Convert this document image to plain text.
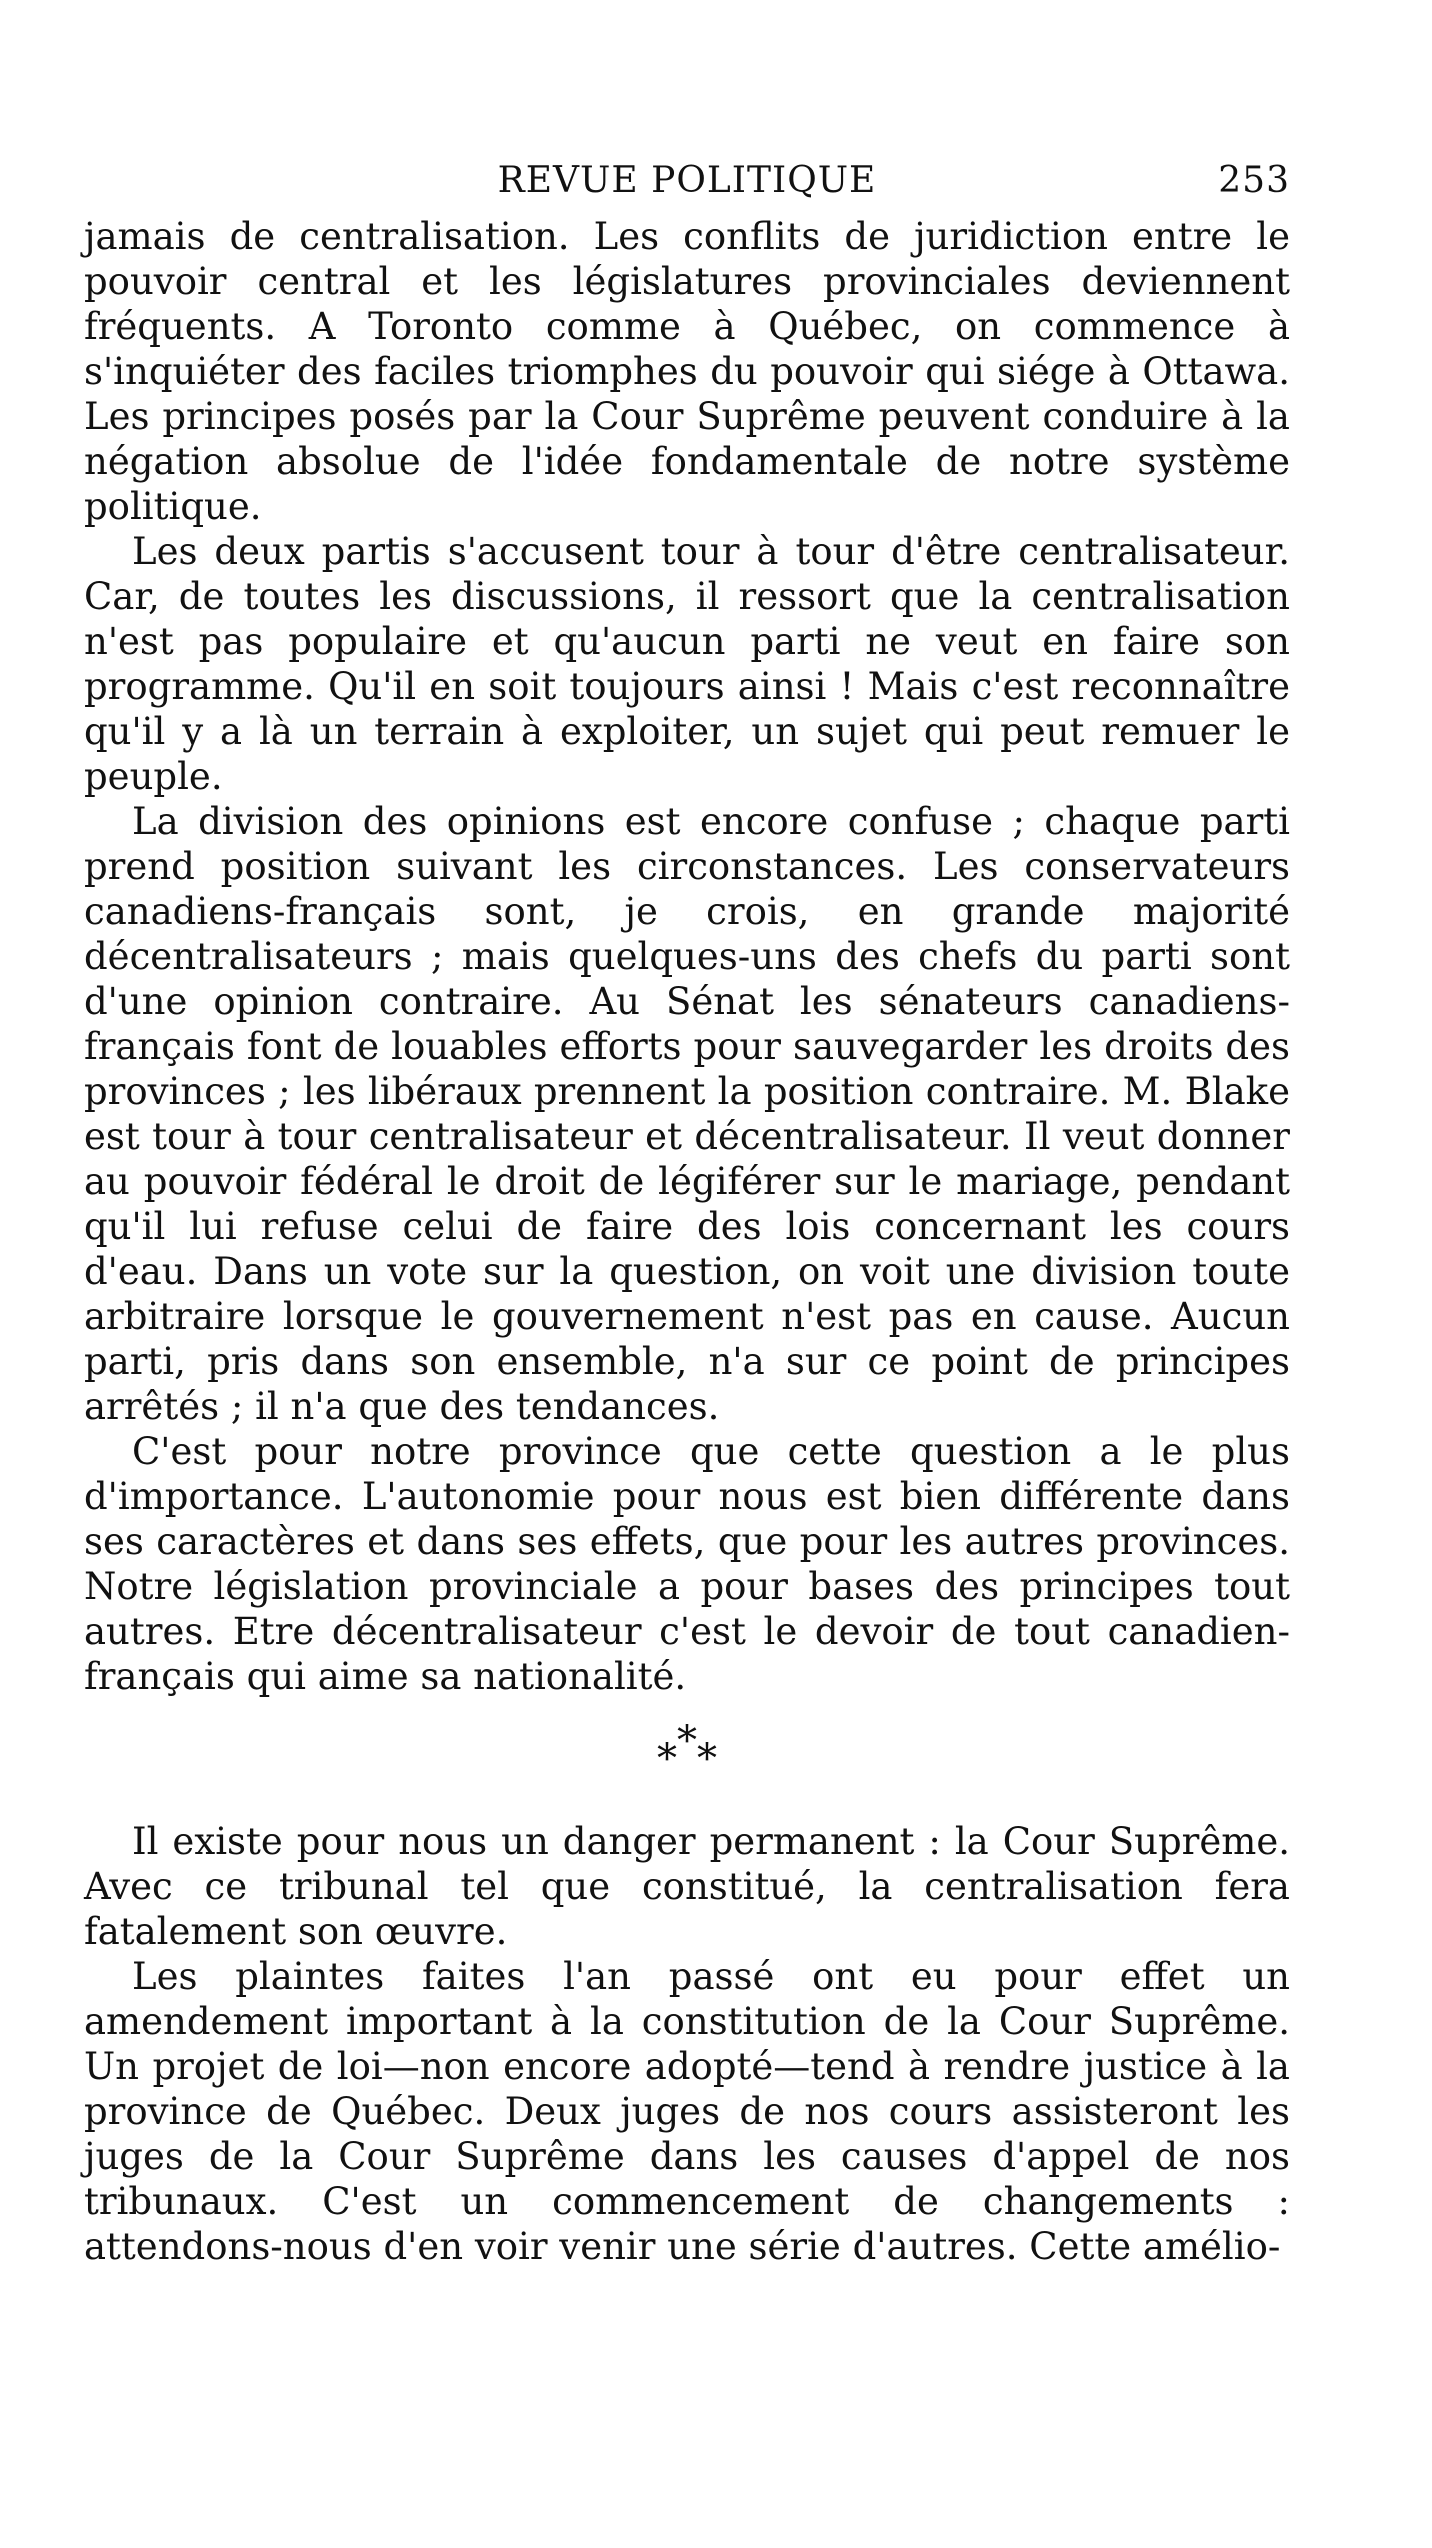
REVUE POLITIQUE	253

jamais de centralisation. Les conflits de juridiction entre le pouvoir central et les législatures provinciales deviennent fréquents. A Toronto comme à Québec, on commence à s'inquiéter des faciles triomphes du pouvoir qui siége à Ottawa. Les principes posés par la Cour Suprême peuvent conduire à la négation absolue de l'idée fondamentale de notre système politique.

Les deux partis s'accusent tour à tour d'être centralisateur. Car, de toutes les discussions, il ressort que la centralisation n'est pas populaire et qu'aucun parti ne veut en faire son programme. Qu'il en soit toujours ainsi ! Mais c'est reconnaître qu'il y a là un terrain à exploiter, un sujet qui peut remuer le peuple.

La division des opinions est encore confuse ; chaque parti prend position suivant les circonstances. Les conservateurs canadiens-français sont, je crois, en grande majorité décentralisateurs ; mais quelques-uns des chefs du parti sont d'une opinion contraire. Au Sénat les sénateurs canadiens-français font de louables efforts pour sauvegarder les droits des provinces ; les libéraux prennent la position contraire. M. Blake est tour à tour centralisateur et décentralisateur. Il veut donner au pouvoir fédéral le droit de légiférer sur le mariage, pendant qu'il lui refuse celui de faire des lois concernant les cours d'eau. Dans un vote sur la question, on voit une division toute arbitraire lorsque le gouvernement n'est pas en cause. Aucun parti, pris dans son ensemble, n'a sur ce point de principes arrêtés ; il n'a que des tendances.

C'est pour notre province que cette question a le plus d'importance. L'autonomie pour nous est bien différente dans ses caractères et dans ses effets, que pour les autres provinces. Notre législation provinciale a pour bases des principes tout autres. Etre décentralisateur c'est le devoir de tout canadien-français qui aime sa nationalité.

***

Il existe pour nous un danger permanent : la Cour Suprême. Avec ce tribunal tel que constitué, la centralisation fera fatalement son œuvre.

Les plaintes faites l'an passé ont eu pour effet un amendement important à la constitution de la Cour Suprême. Un projet de loi—non encore adopté—tend à rendre justice à la province de Québec. Deux juges de nos cours assisteront les juges de la Cour Suprême dans les causes d'appel de nos tribunaux. C'est un commencement de changements : attendons-nous d'en voir venir une série d'autres. Cette amélio-
